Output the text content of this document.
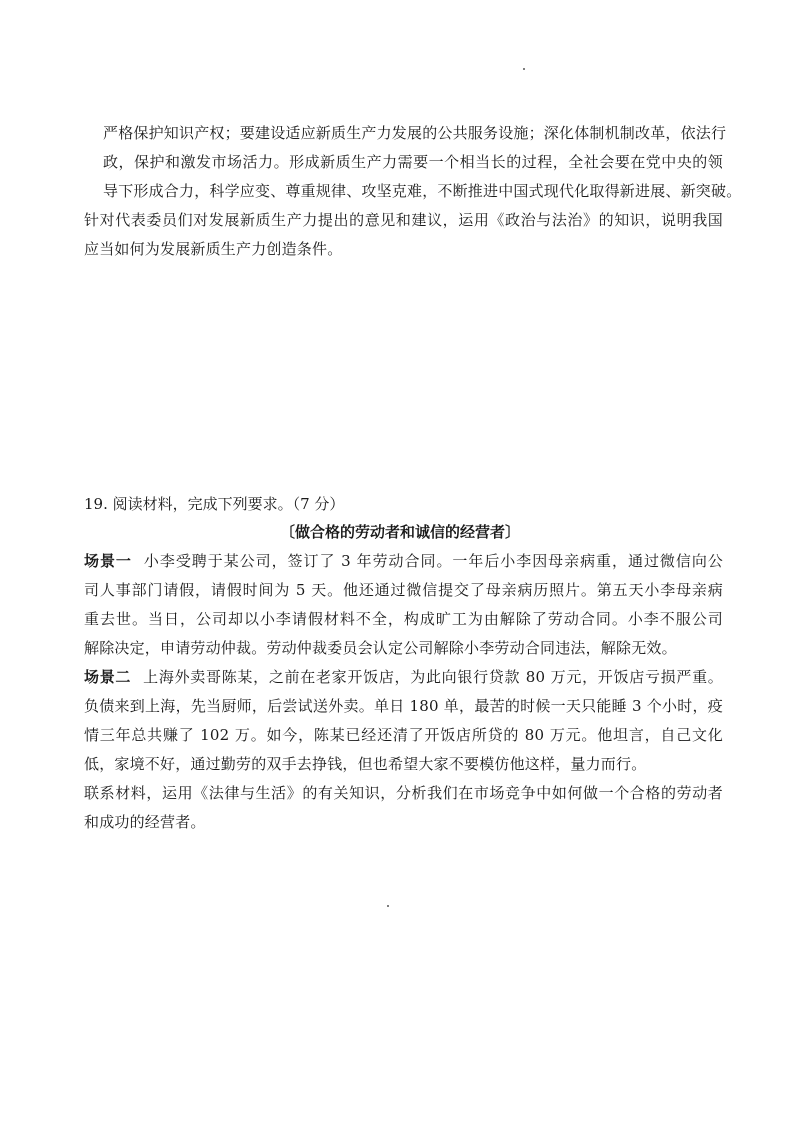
严格保护知识产权；要建设适应新质生产力发展的公共服务设施；深化体制机制改革，依法行
政，保护和激发市场活力。形成新质生产力需要一个相当长的过程，全社会要在党中央的领
导下形成合力，科学应变、尊重规律、攻坚克难，不断推进中国式现代化取得新进展、新突破。
针对代表委员们对发展新质生产力提出的意见和建议，运用《政治与法治》的知识，说明我国
应当如何为发展新质生产力创造条件。
19. 阅读材料，完成下列要求。（7 分）
〔做合格的劳动者和诚信的经营者〕
场景一 小李受聘于某公司，签订了 3 年劳动合同。一年后小李因母亲病重，通过微信向公
司人事部门请假，请假时间为 5 天。他还通过微信提交了母亲病历照片。第五天小李母亲病
重去世。当日，公司却以小李请假材料不全，构成旷工为由解除了劳动合同。小李不服公司
解除决定，申请劳动仲裁。劳动仲裁委员会认定公司解除小李劳动合同违法，解除无效。
场景二 上海外卖哥陈某，之前在老家开饭店，为此向银行贷款 80 万元，开饭店亏损严重。
负债来到上海，先当厨师，后尝试送外卖。单日 180 单，最苦的时候一天只能睡 3 个小时，疫
情三年总共赚了 102 万。如今，陈某已经还清了开饭店所贷的 80 万元。他坦言，自己文化
低，家境不好，通过勤劳的双手去挣钱，但也希望大家不要模仿他这样，量力而行。
联系材料，运用《法律与生活》的有关知识，分析我们在市场竞争中如何做一个合格的劳动者
和成功的经营者。
